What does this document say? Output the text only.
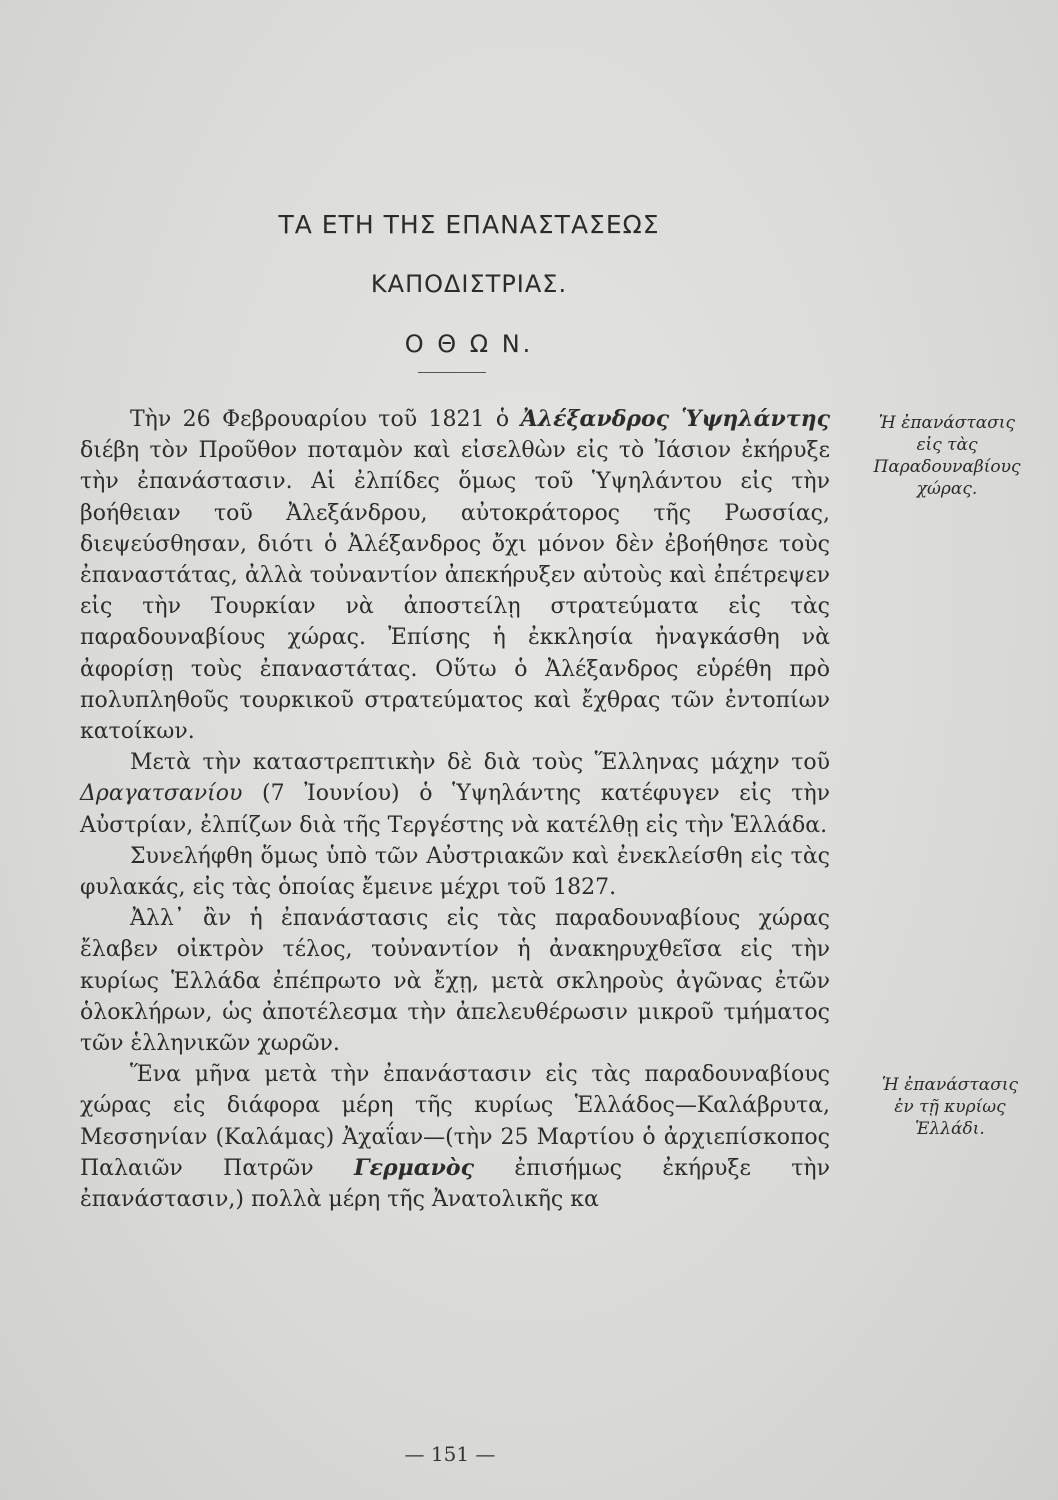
ΤΑ ΕΤΗ ΤΗΣ ΕΠΑΝΑΣΤΑΣΕΩΣ
ΚΑΠΟΔΙΣΤΡΙΑΣ.
Ο Θ Ω Ν.

Τὴν 26 Φεβρουαρίου τοῦ 1821 ὁ Ἀλέξανδρος Ὑψηλάντης διέβη τὸν Προῦθον ποταμὸν καὶ εἰσελθὼν εἰς τὸ Ἰάσιον ἐκήρυξε τὴν ἐπανάστασιν. Αἱ ἐλπίδες ὅμως τοῦ Ὑψηλάντου εἰς τὴν βοήθειαν τοῦ Ἀλεξάνδρου, αὐτοκράτορος τῆς Ρωσσίας, διεψεύσθησαν, διότι ὁ Ἀλέξανδρος ὄχι μόνον δὲν ἐβοήθησε τοὺς ἐπαναστάτας, ἀλλὰ τοὐναντίον ἀπεκήρυξεν αὐτοὺς καὶ ἐπέτρεψεν εἰς τὴν Τουρκίαν νὰ ἀποστείλῃ στρατεύματα εἰς τὰς παραδουναβίους χώρας. Ἐπίσης ἡ ἐκκλησία ἠναγκάσθη νὰ ἀφορίσῃ τοὺς ἐπαναστάτας. Οὕτω ὁ Ἀλέξανδρος εὑρέθη πρὸ πολυπληθοῦς τουρκικοῦ στρατεύματος καὶ ἔχθρας τῶν ἐντοπίων κατοίκων.

Μετὰ τὴν καταστρεπτικὴν δὲ διὰ τοὺς Ἕλληνας μάχην τοῦ Δραγατσανίου (7 Ἰουνίου) ὁ Ὑψηλάντης κατέφυγεν εἰς τὴν Αὐστρίαν, ἐλπίζων διὰ τῆς Τεργέστης νὰ κατέλθῃ εἰς τὴν Ἑλλάδα.

Συνελήφθη ὅμως ὑπὸ τῶν Αὐστριακῶν καὶ ἐνεκλείσθη εἰς τὰς φυλακάς, εἰς τὰς ὁποίας ἔμεινε μέχρι τοῦ 1827.

Ἀλλ᾽ ἂν ἡ ἐπανάστασις εἰς τὰς παραδουναβίους χώρας ἔλαβεν οἰκτρὸν τέλος, τοὐναντίον ἡ ἀνακηρυχθεῖσα εἰς τὴν κυρίως Ἑλλάδα ἐπέπρωτο νὰ ἔχῃ, μετὰ σκληροὺς ἀγῶνας ἐτῶν ὁλοκλήρων, ὡς ἀποτέλεσμα τὴν ἀπελευθέρωσιν μικροῦ τμήματος τῶν ἑλληνικῶν χωρῶν.

Ἕνα μῆνα μετὰ τὴν ἐπανάστασιν εἰς τὰς παραδουναβίους χώρας εἰς διάφορα μέρη τῆς κυρίως Ἑλλάδος—Καλάβρυτα, Μεσσηνίαν (Καλάμας) Ἀχαΐαν—(τὴν 25 Μαρτίου ὁ ἀρχιεπίσκοπος Παλαιῶν Πατρῶν Γερμανὸς ἐπισήμως ἐκήρυξε τὴν ἐπανάστασιν,) πολλὰ μέρη τῆς Ἀνατολικῆς κα

Ἡ ἐπανάστασις
εἰς τὰς
Παραδουναβίους
χώρας.
Ἡ ἐπανάστασις
ἐν τῇ κυρίως
Ἑλλάδι.
— 151 —
